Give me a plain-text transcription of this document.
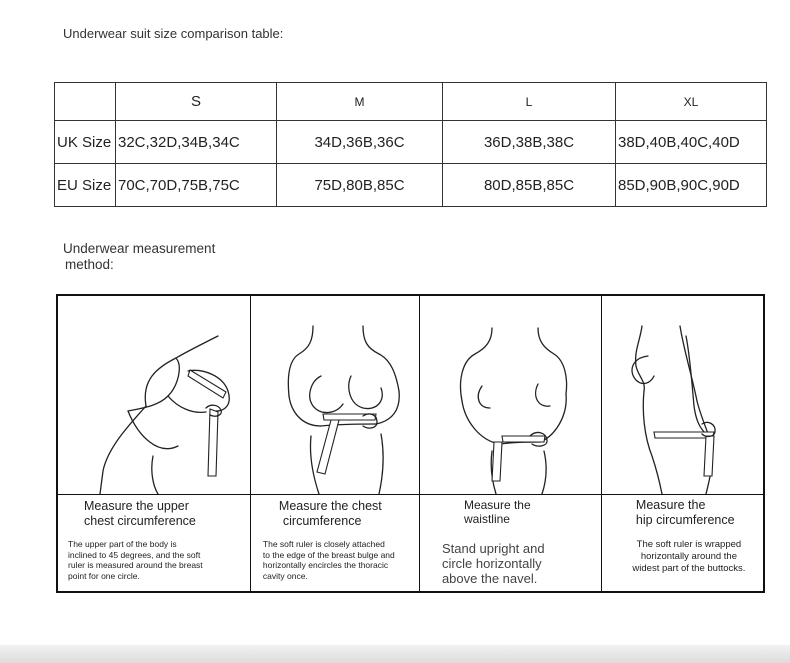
Underwear suit size comparison table:
	S	M	L	XL
UK Size	32C,32D,34B,34C	34D,36B,36C	36D,38B,38C	38D,40B,40C,40D
EU Size	70C,70D,75B,75C	75D,80B,85C	80D,85B,85C	85D,90B,90C,90D
Underwear measurement
method:
Measure the upper
chest circumference
The upper part of the body is
inclined to 45 degrees, and the soft
ruler is measured around the breast
point for one circle.
Measure the chest
circumference
The soft ruler is closely attached
to the edge of the breast bulge and
horizontally encircles the thoracic
cavity once.
Measure the
waistline
Stand upright and
circle horizontally
above the navel.
Measure the
hip circumference
The soft ruler is wrapped
horizontally around the
widest part of the buttocks.
